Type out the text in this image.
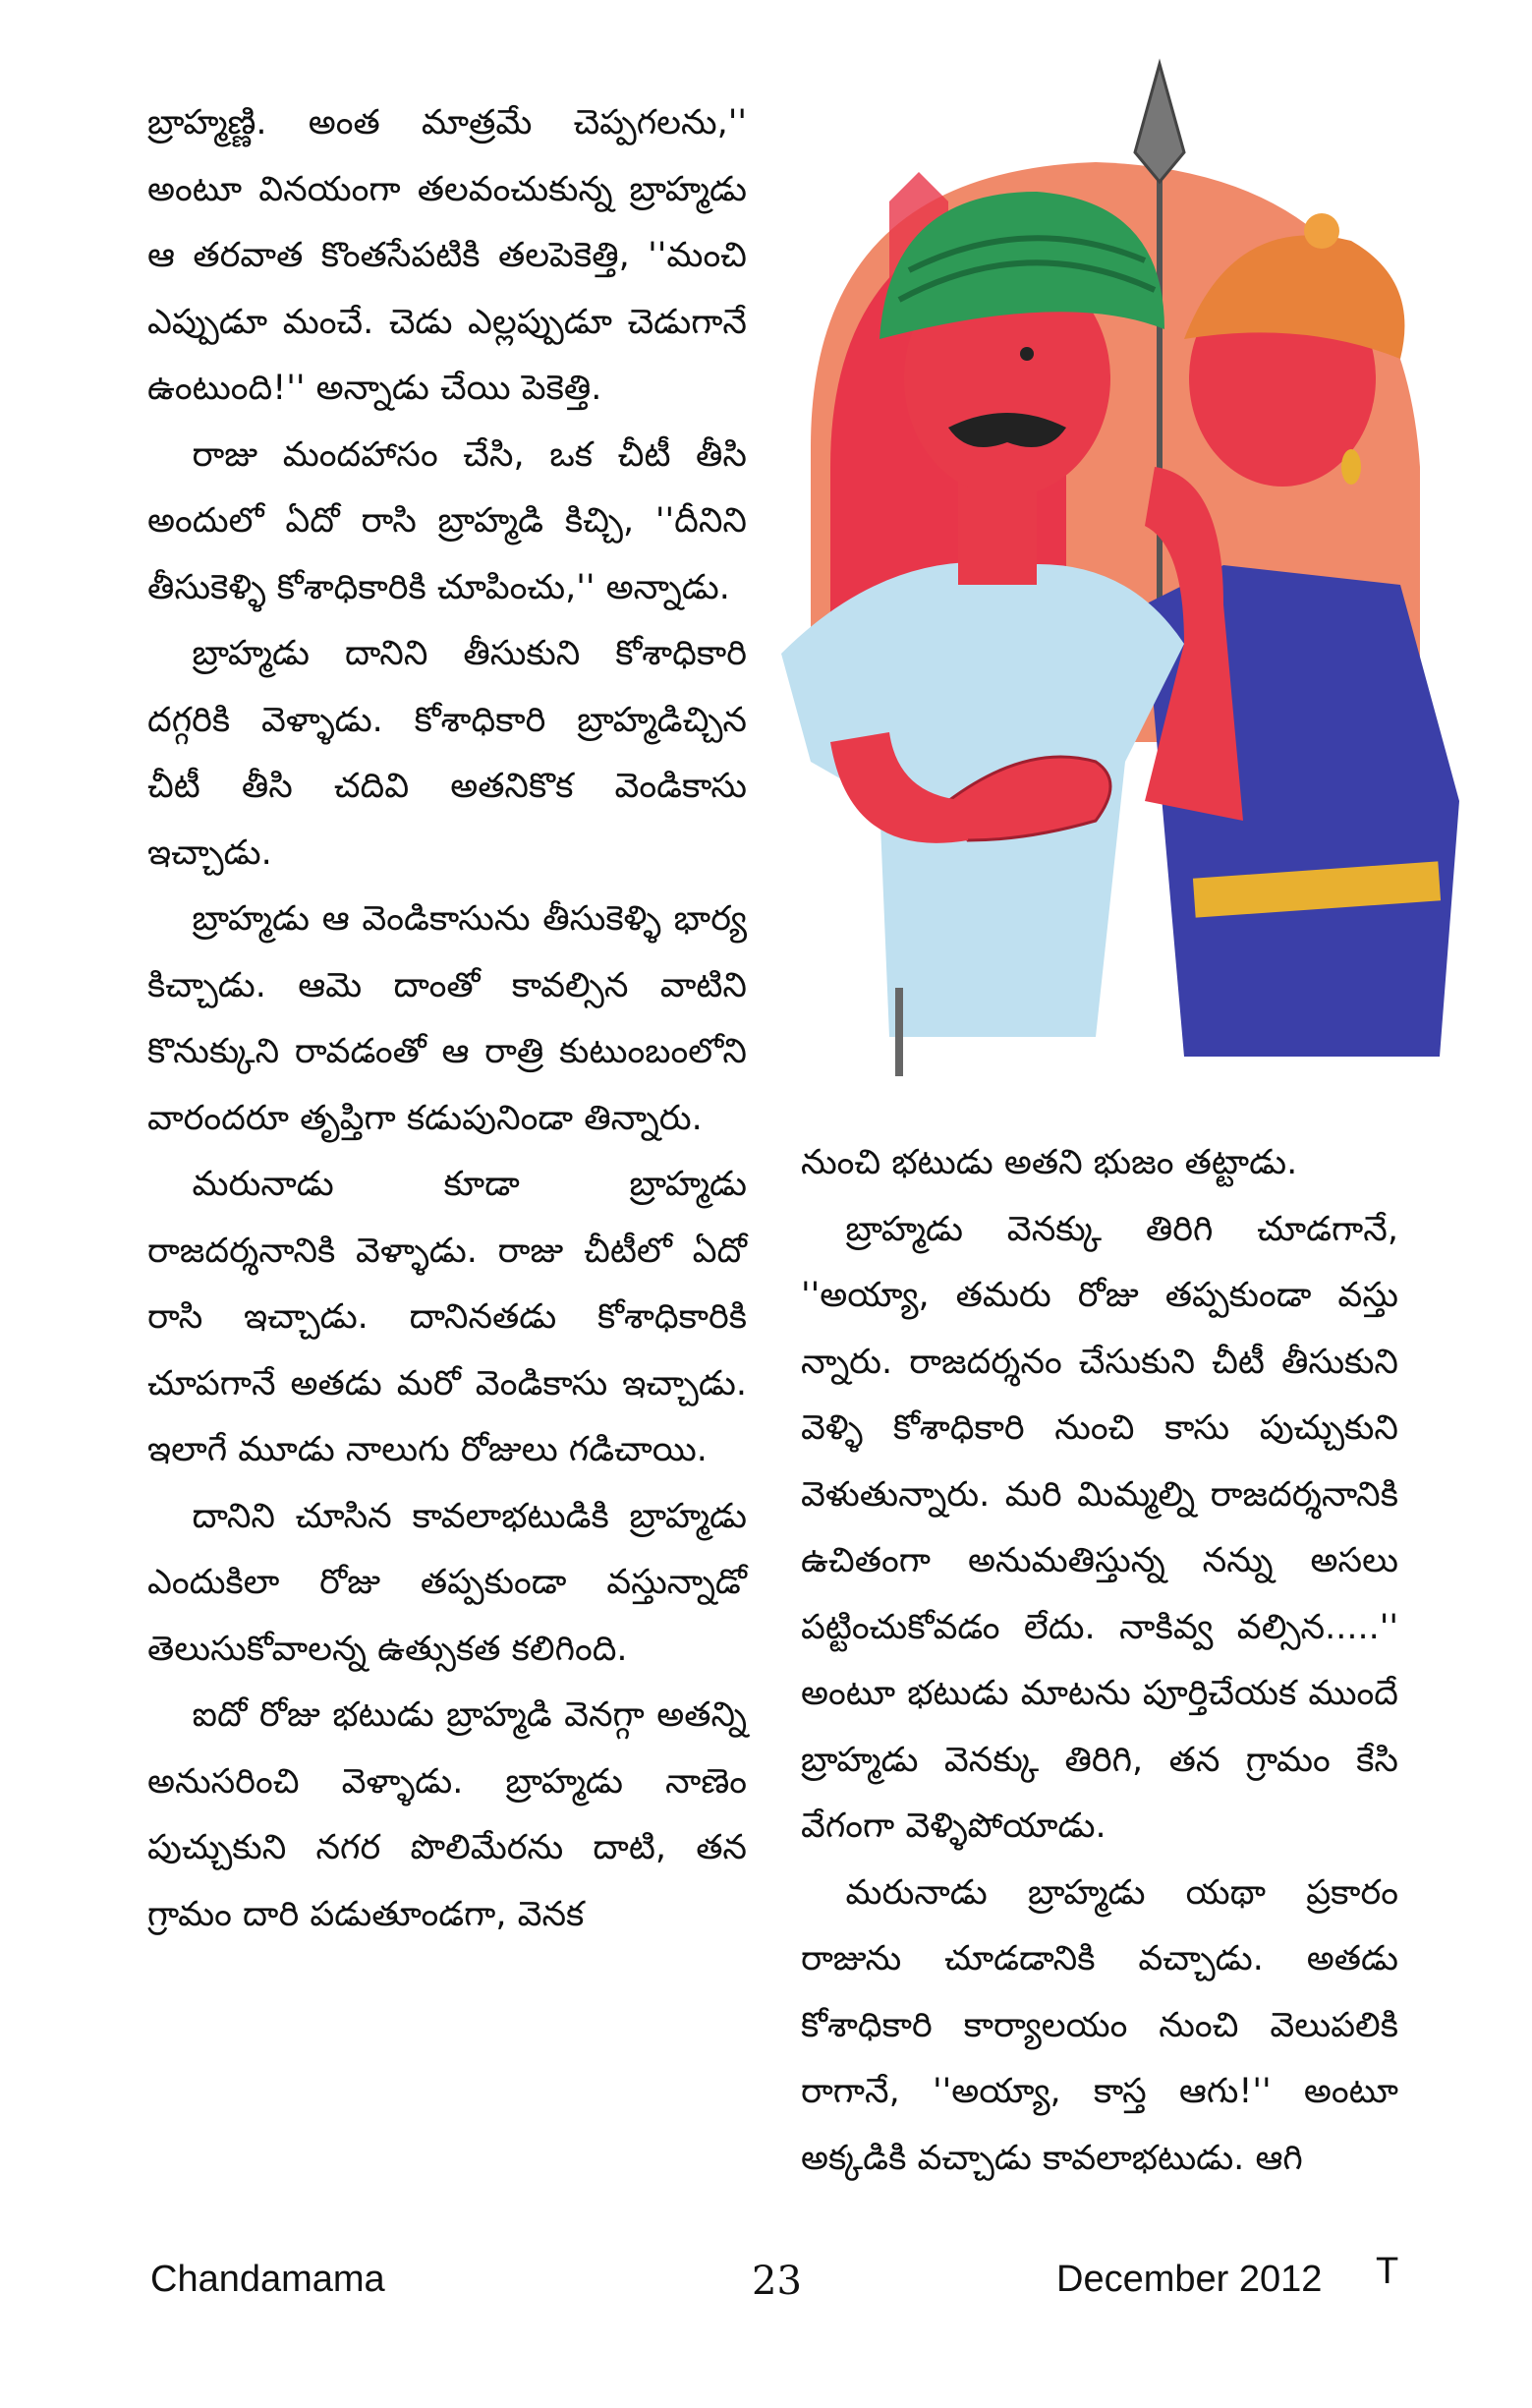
బ్రాహ్మణ్ణి. అంత మాత్రమే చెప్పగలను,'' అంటూ వినయంగా తలవంచుకున్న బ్రాహ్మడు ఆ తరవాత కొంతసేపటికి తలపెకెత్తి, ''మంచి ఎప్పుడూ మంచే. చెడు ఎల్లప్పుడూ చెడుగానే ఉంటుంది!'' అన్నాడు చేయి పెకెత్తి.

రాజు మందహాసం చేసి, ఒక చీటీ తీసి అందులో ఏదో రాసి బ్రాహ్మడి కిచ్చి, ''దీనిని తీసుకెళ్ళి కోశాధికారికి చూపించు,'' అన్నాడు.

బ్రాహ్మడు దానిని తీసుకుని కోశాధికారి దగ్గరికి వెళ్ళాడు. కోశాధికారి బ్రాహ్మడిచ్చిన చీటీ తీసి చదివి అతనికొక వెండికాసు ఇచ్చాడు.

బ్రాహ్మడు ఆ వెండికాసును తీసుకెళ్ళి భార్య కిచ్చాడు. ఆమె దాంతో కావల్సిన వాటిని కొనుక్కుని రావడంతో ఆ రాత్రి కుటుంబంలోని వారందరూ తృప్తిగా కడుపునిండా తిన్నారు.

మరునాడు కూడా బ్రాహ్మడు రాజదర్శనానికి వెళ్ళాడు. రాజు చీటీలో ఏదో రాసి ఇచ్చాడు. దానినతడు కోశాధికారికి చూపగానే అతడు మరో వెండికాసు ఇచ్చాడు. ఇలాగే మూడు నాలుగు రోజులు గడిచాయి.

దానిని చూసిన కావలాభటుడికి బ్రాహ్మడు ఎందుకిలా రోజు తప్పకుండా వస్తున్నాడో తెలుసుకోవాలన్న ఉత్సుకత కలిగింది.

ఐదో రోజు భటుడు బ్రాహ్మడి వెనగ్గా అతన్ని అనుసరించి వెళ్ళాడు. బ్రాహ్మడు నాణెం పుచ్చుకుని నగర పొలిమేరను దాటి, తన గ్రామం దారి పడుతూండగా, వెనక

నుంచి భటుడు అతని భుజం తట్టాడు.

బ్రాహ్మడు వెనక్కు తిరిగి చూడగానే, ''అయ్యా, తమరు రోజు తప్పకుండా వస్తు న్నారు. రాజదర్శనం చేసుకుని చీటీ తీసుకుని వెళ్ళి కోశాధికారి నుంచి కాసు పుచ్చుకుని వెళుతున్నారు. మరి మిమ్మల్ని రాజదర్శనానికి ఉచితంగా అనుమతిస్తున్న నన్ను అసలు పట్టించుకోవడం లేదు. నాకివ్వ వల్సిన.....'' అంటూ భటుడు మాటను పూర్తిచేయక ముందే బ్రాహ్మడు వెనక్కు తిరిగి, తన గ్రామం కేసి వేగంగా వెళ్ళిపోయాడు.

మరునాడు బ్రాహ్మడు యథా ప్రకారం రాజును చూడడానికి వచ్చాడు. అతడు కోశాధికారి కార్యాలయం నుంచి వెలుపలికి రాగానే, ''అయ్యా, కాస్త ఆగు!'' అంటూ అక్కడికి వచ్చాడు కావలాభటుడు. ఆగి

Chandamama	23	December 2012 T
